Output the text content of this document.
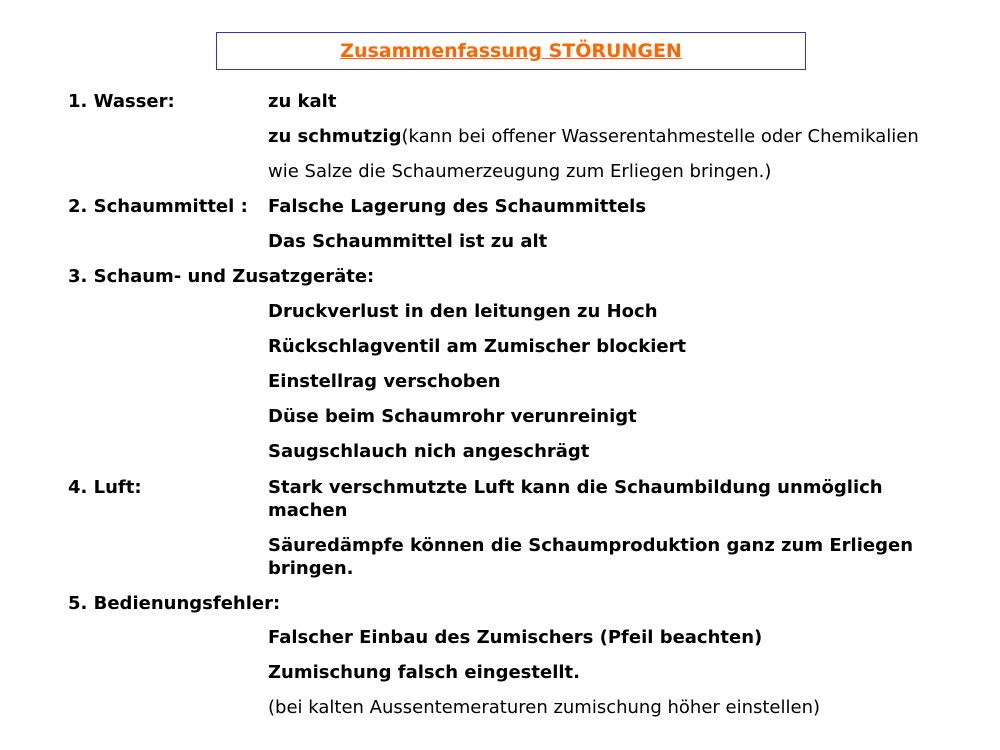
Zusammenfassung STÖRUNGEN
1. Wasser:	zu kalt
zu schmutzig(kann bei offener Wasserentahmestelle oder Chemikalien
wie Salze die Schaumerzeugung zum Erliegen bringen.)
2. Schaummittel : Falsche Lagerung des Schaummittels
Das Schaummittel ist zu alt
3. Schaum- und Zusatzgeräte:
Druckverlust in den leitungen zu Hoch
Rückschlagventil am Zumischer blockiert
Einstellrag verschoben
Düse beim Schaumrohr verunreinigt
Saugschlauch nich angeschrägt
4. Luft:	Stark verschmutzte Luft kann die Schaumbildung unmöglich machen
Säuredämpfe können die Schaumproduktion ganz zum Erliegen bringen.
5. Bedienungsfehler:
Falscher Einbau des Zumischers (Pfeil beachten)
Zumischung falsch eingestellt.
(bei kalten Aussentemeraturen zumischung höher einstellen)
